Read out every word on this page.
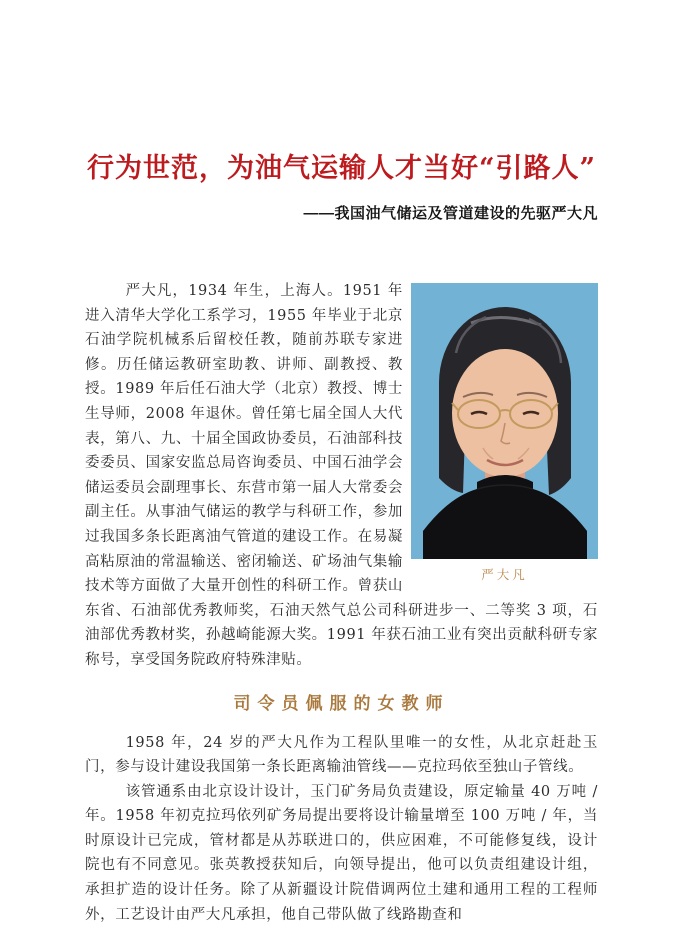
行为世范，为油气运输人才当好“引路人”
——我国油气储运及管道建设的先驱严大凡
严大凡

严大凡，1934 年生，上海人。1951 年进入清华大学化工系学习，1955 年毕业于北京石油学院机械系后留校任教，随前苏联专家进修。历任储运教研室助教、讲师、副教授、教授。1989 年后任石油大学（北京）教授、博士生导师，2008 年退休。曾任第七届全国人大代表，第八、九、十届全国政协委员，石油部科技委委员、国家安监总局咨询委员、中国石油学会储运委员会副理事长、东营市第一届人大常委会副主任。从事油气储运的教学与科研工作，参加过我国多条长距离油气管道的建设工作。在易凝高粘原油的常温输送、密闭输送、矿场油气集输技术等方面做了大量开创性的科研工作。曾获山东省、石油部优秀教师奖，石油天然气总公司科研进步一、二等奖 3 项，石油部优秀教材奖，孙越崎能源大奖。1991 年获石油工业有突出贡献科研专家称号，享受国务院政府特殊津贴。

司令员佩服的女教师

1958 年，24 岁的严大凡作为工程队里唯一的女性，从北京赶赴玉门，参与设计建设我国第一条长距离输油管线——克拉玛依至独山子管线。

该管通系由北京设计设计，玉门矿务局负责建设，原定输量 40 万吨 / 年。1958 年初克拉玛依列矿务局提出要将设计输量增至 100 万吨 / 年，当时原设计已完成，管材都是从苏联进口的，供应困难，不可能修复线，设计院也有不同意见。张英教授获知后，向领导提出，他可以负责组建设计组，承担扩造的设计任务。除了从新疆设计院借调两位土建和通用工程的工程师外，工艺设计由严大凡承担，他自己带队做了线路勘查和
